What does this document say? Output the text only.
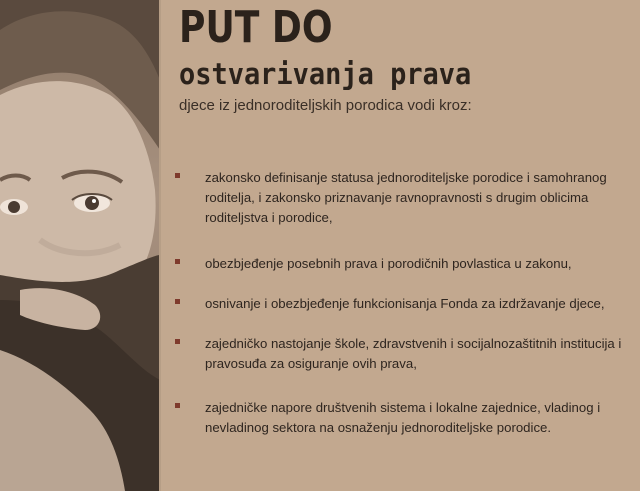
PUT DO
ostvarivanja prava

djece iz jednoroditeljskih porodica vodi kroz:

zakonsko definisanje statusa jednoroditeljske porodice i samohranog roditelja, i zakonsko priznavanje ravnopravnosti s drugim oblicima roditeljstva i porodice,
obezbjeđenje posebnih prava i porodičnih povlastica u zakonu,
osnivanje i obezbjeđenje funkcionisanja Fonda za izdržavanje djece,
zajedničko nastojanje škole, zdravstvenih i socijalnozaštitnih institucija i pravosuđa za osiguranje ovih prava,
zajedničke napore društvenih sistema i lokalne zajednice, vladinog i nevladinog sektora na osnaženju jednoroditeljske porodice.
